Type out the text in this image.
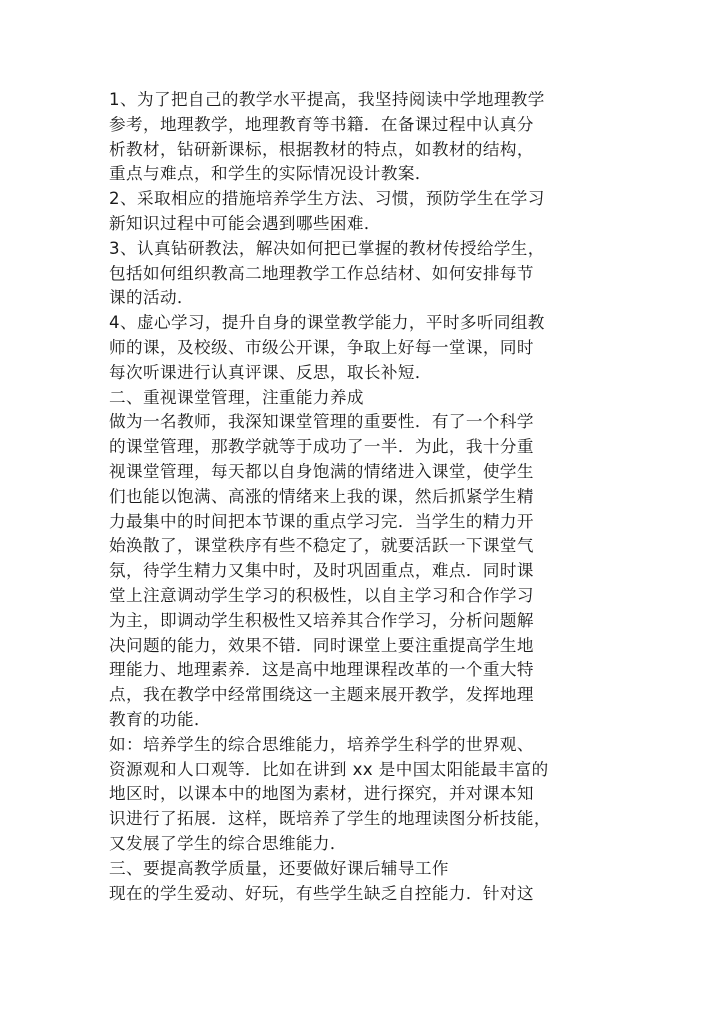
1、为了把自己的教学水平提高，我坚持阅读中学地理教学
参考，地理教学，地理教育等书籍．在备课过程中认真分
析教材，钻研新课标，根据教材的特点，如教材的结构，
重点与难点，和学生的实际情况设计教案．
2、采取相应的措施培养学生方法、习惯，预防学生在学习
新知识过程中可能会遇到哪些困难．
3、认真钻研教法，解决如何把已掌握的教材传授给学生，
包括如何组织教高二地理教学工作总结材、如何安排每节
课的活动．
4、虚心学习，提升自身的课堂教学能力，平时多听同组教
师的课，及校级、市级公开课，争取上好每一堂课，同时
每次听课进行认真评课、反思，取长补短．
二、重视课堂管理，注重能力养成
做为一名教师，我深知课堂管理的重要性．有了一个科学
的课堂管理，那教学就等于成功了一半．为此，我十分重
视课堂管理，每天都以自身饱满的情绪进入课堂，使学生
们也能以饱满、高涨的情绪来上我的课，然后抓紧学生精
力最集中的时间把本节课的重点学习完．当学生的精力开
始涣散了，课堂秩序有些不稳定了，就要活跃一下课堂气
氛，待学生精力又集中时，及时巩固重点，难点．同时课
堂上注意调动学生学习的积极性，以自主学习和合作学习
为主，即调动学生积极性又培养其合作学习，分析问题解
决问题的能力，效果不错．同时课堂上要注重提高学生地
理能力、地理素养．这是高中地理课程改革的一个重大特
点，我在教学中经常围绕这一主题来展开教学，发挥地理
教育的功能．
如：培养学生的综合思维能力，培养学生科学的世界观、
资源观和人口观等．比如在讲到 xx 是中国太阳能最丰富的
地区时，以课本中的地图为素材，进行探究，并对课本知
识进行了拓展．这样，既培养了学生的地理读图分析技能，
又发展了学生的综合思维能力．
三、要提高教学质量，还要做好课后辅导工作
现在的学生爱动、好玩，有些学生缺乏自控能力．针对这
